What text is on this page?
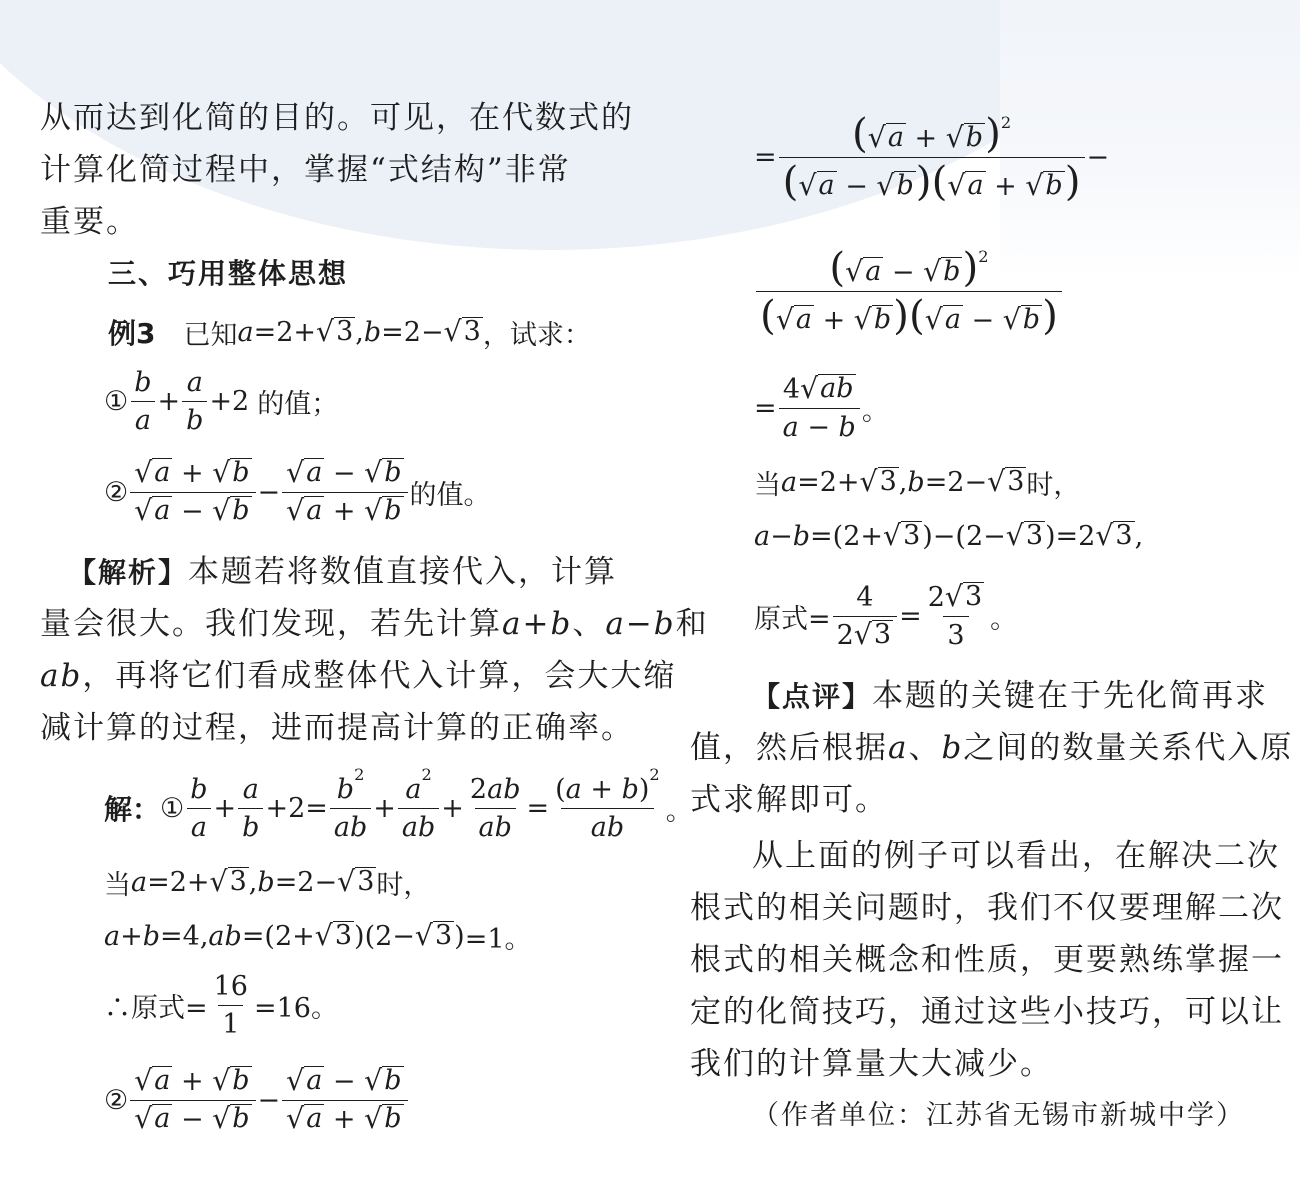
从而达到化简的目的。可见，在代数式的
计算化简过程中，掌握“式结构”非常
重要。
三、巧用整体思想
例3 已知 a =2+ √ 3 , b =2− √ 3 ，试求：
① $\frac{b}{a} + \frac{a}{b} +2$ 的值；
② $\frac{√ a + √ b}{√ a - √ b} - \frac{√ a - √ b}{√ a + √ b}$ 的值。
【解析】本题若将数值直接代入，计算
量会很大。我们发现，若先计算a+b、a−b和
ab，再将它们看成整体代入计算，会大大缩
减计算的过程，进而提高计算的正确率。
解： ① $\frac{b}{a} + \frac{a}{b} +2= \frac{b^2}{ab} + \frac{a^2}{ab} + \frac{2ab}{ab} = \frac{(a + b)^2}{ab}$ 。
当 a =2+ √ 3 , b =2− √ 3 时，
a + b =4, ab =(2+ √ 3 )(2− √ 3 ) =1。
∴原式= $\frac{16}{1} =16$。
② $\frac{√ a + √ b}{√ a - √ b} - \frac{√ a - √ b}{√ a + √ b}$
= $\frac{( √ a + √ b )^2}{( √ a - √ b )( √ a + √ b )}$ −
$\frac{( √ a - √ b )^2}{( √ a + √ b )( √ a - √ b )}$
= $\frac{4 √ ab}{a - b}$ 。
当 a =2+ √ 3 , b =2− √ 3 时，
a − b =(2+ √ 3 )−(2− √ 3 )=2 √ 3 ,
原式= $\frac{4}{2 √ 3} = \frac{2 √ 3}{3}$ 。
【点评】本题的关键在于先化简再求
值，然后根据a、b之间的数量关系代入原
式求解即可。
从上面的例子可以看出，在解决二次
根式的相关问题时，我们不仅要理解二次
根式的相关概念和性质，更要熟练掌握一
定的化简技巧，通过这些小技巧，可以让
我们的计算量大大减少。
（作者单位：江苏省无锡市新城中学）
